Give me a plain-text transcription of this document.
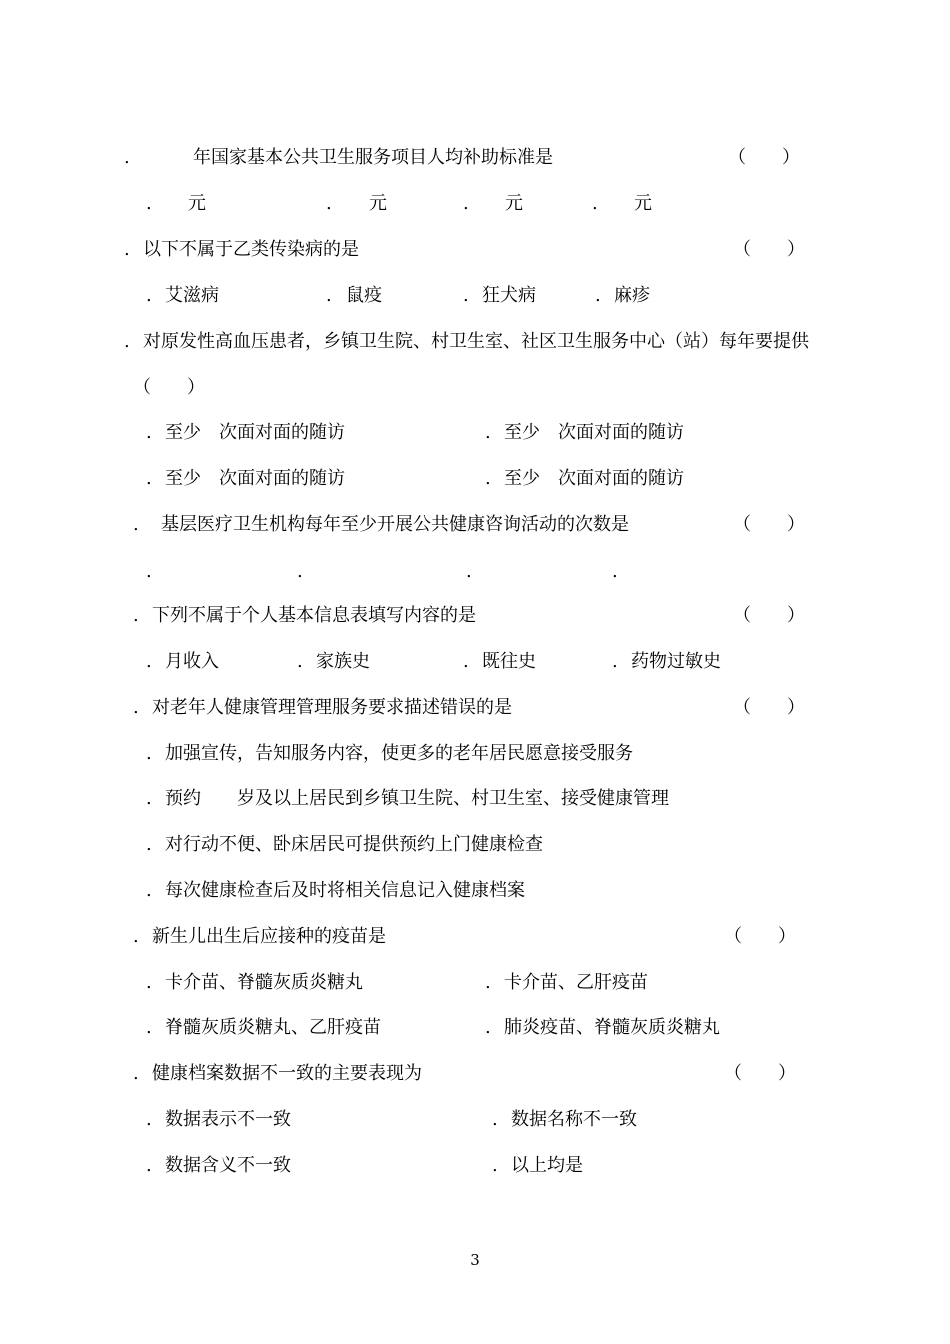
.	年国家基本公共卫生服务项目人均补助标准是	（　　）
. 元	. 元	. 元	. 元
. 以下不属于乙类传染病的是	（　　）
. 艾滋病	. 鼠疫	. 狂犬病	. 麻疹
. 对原发性高血压患者，乡镇卫生院、村卫生室、社区卫生服务中心（站）每年要提供
（　　）
. 至少　次面对面的随访	. 至少　次面对面的随访
. 至少　次面对面的随访	. 至少　次面对面的随访
. 基层医疗卫生机构每年至少开展公共健康咨询活动的次数是	（　　）
.	.	.	.
. 下列不属于个人基本信息表填写内容的是	（　　）
. 月收入	. 家族史	. 既往史	. 药物过敏史
. 对老年人健康管理管理服务要求描述错误的是	（　　）
. 加强宣传，告知服务内容，使更多的老年居民愿意接受服务
. 预约　　岁及以上居民到乡镇卫生院、村卫生室、接受健康管理
. 对行动不便、卧床居民可提供预约上门健康检查
. 每次健康检查后及时将相关信息记入健康档案
. 新生儿出生后应接种的疫苗是	（　　）
. 卡介苗、脊髓灰质炎糖丸	. 卡介苗、乙肝疫苗
. 脊髓灰质炎糖丸、乙肝疫苗	. 肺炎疫苗、脊髓灰质炎糖丸
. 健康档案数据不一致的主要表现为	（　　）
. 数据表示不一致	. 数据名称不一致
. 数据含义不一致	. 以上均是
3
